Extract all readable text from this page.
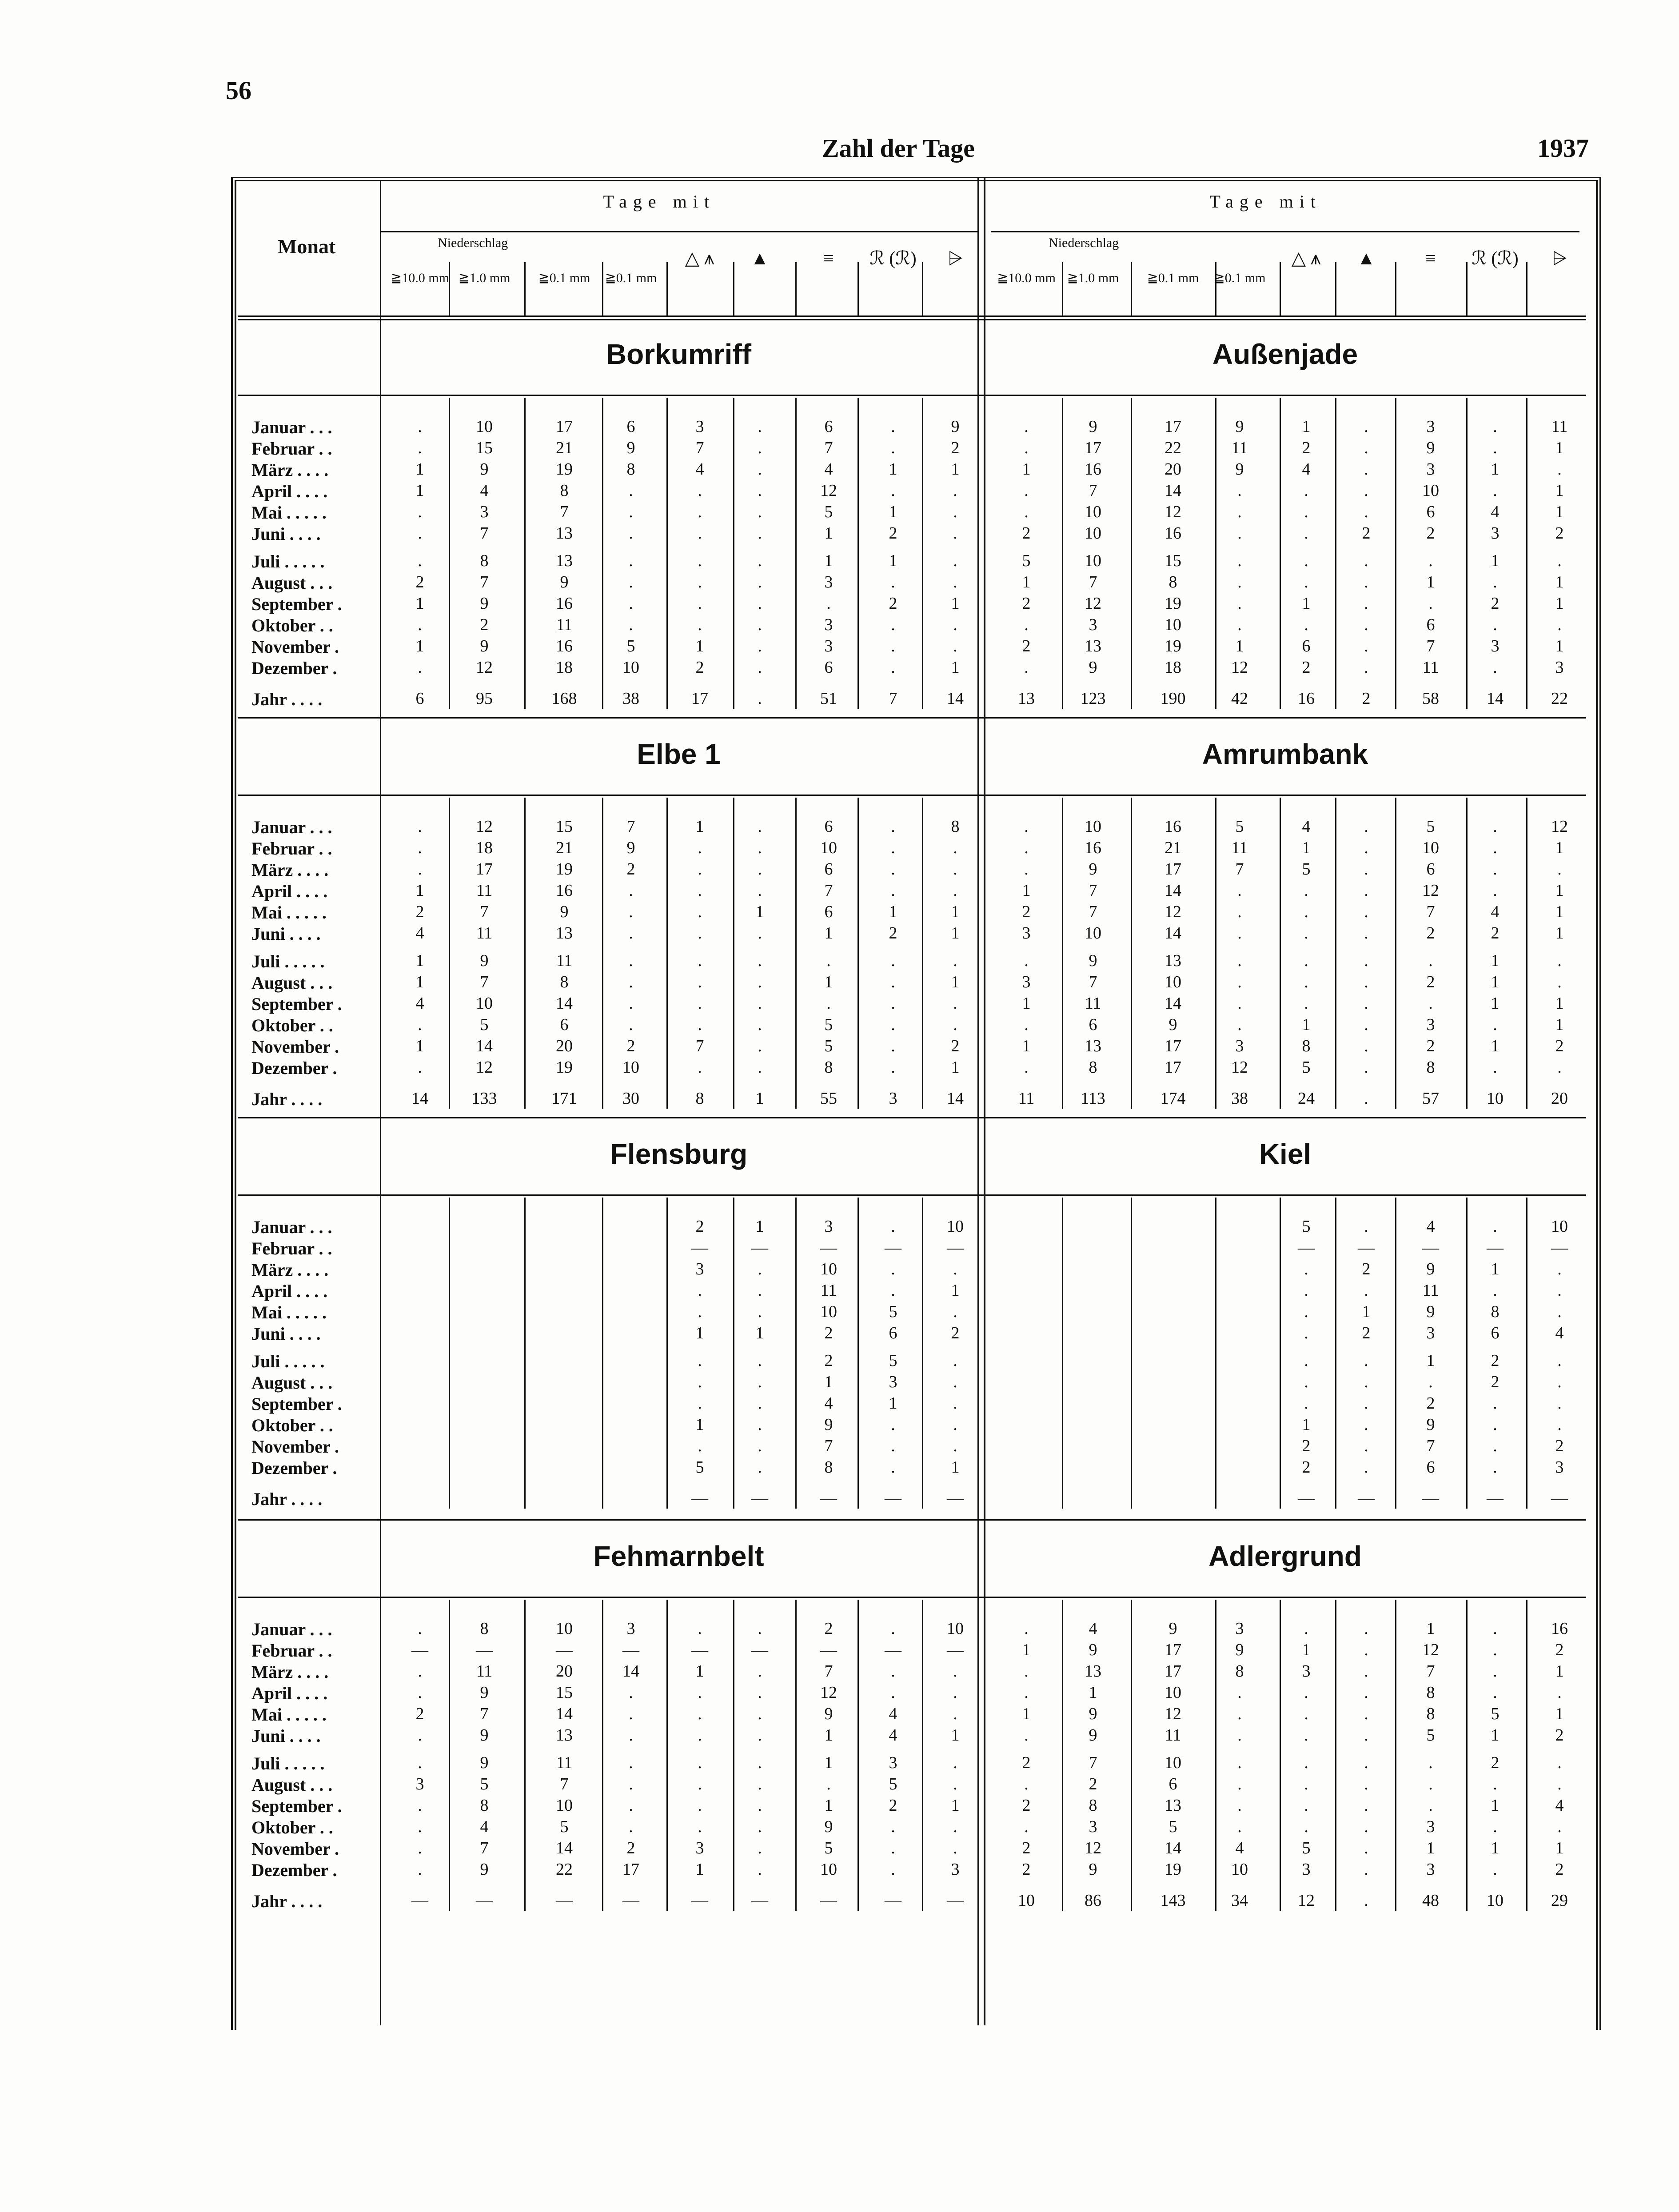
56
Zahl der Tage	1937
Tage mit
Niederschlag
≧10.0 mm ≧1.0 mm	≧0.1 mm	≧0.1 mm
△ ⩚	▲	≡	ℛ (ℛ)	⩥
Tage mit
Niederschlag
≧10.0 mm ≧1.0 mm	≧0.1 mm	≧0.1 mm
△ ⩚	▲	≡	ℛ (ℛ)	⩥
Monat
Borkumriff
Januar . . .	.	10	17	6	3	.	6	.	9
Februar . .	.	15	21	9	7	.	7	.	2
März . . . .	1	9	19	8	4	.	4	1	1
April . . . .	1	4	8	.	.	.	12	.	.
Mai . . . . .	.	3	7	.	.	.	5	1	.
Juni . . . .	.	7	13	.	.	.	1	2	.
Juli . . . . .	.	8	13	.	.	.	1	1	.
August . . .	2	7	9	.	.	.	3	.	.
September .	1	9	16	.	.	.	.	2	1
Oktober . .	.	2	11	.	.	.	3	.	.
November .	1	9	16	5	1	.	3	.	.
Dezember .	.	12	18	10	2	.	6	.	1
Jahr . . . .	6	95	168	38	17	.	51	7	14
Außenjade
.	9	17	9	1	.	3	.	11
.	17	22	11	2	.	9	.	1
1	16	20	9	4	.	3	1	.
.	7	14	.	.	.	10	.	1
.	10	12	.	.	.	6	4	1
2	10	16	.	.	2	2	3	2
5	10	15	.	.	.	.	1	.
1	7	8	.	.	.	1	.	1
2	12	19	.	1	.	.	2	1
.	3	10	.	.	.	6	.	.
2	13	19	1	6	.	7	3	1
.	9	18	12	2	.	11	.	3
13	123	190	42	16	2	58	14	22
Elbe 1
Januar . . .	.	12	15	7	1	.	6	.	8
Februar . .	.	18	21	9	.	.	10	.	.
März . . . .	.	17	19	2	.	.	6	.	.
April . . . .	1	11	16	.	.	.	7	.	.
Mai . . . . .	2	7	9	.	.	1	6	1	1
Juni . . . .	4	11	13	.	.	.	1	2	1
Juli . . . . .	1	9	11	.	.	.	.	.	.
August . . .	1	7	8	.	.	.	1	.	1
September .	4	10	14	.	.	.	.	.	.
Oktober . .	.	5	6	.	.	.	5	.	.
November .	1	14	20	2	7	.	5	.	2
Dezember .	.	12	19	10	.	.	8	.	1
Jahr . . . .	14	133	171	30	8	1	55	3	14
Amrumbank
.	10	16	5	4	.	5	.	12
.	16	21	11	1	.	10	.	1
.	9	17	7	5	.	6	.	.
1	7	14	.	.	.	12	.	1
2	7	12	.	.	.	7	4	1
3	10	14	.	.	.	2	2	1
.	9	13	.	.	.	.	1	.
3	7	10	.	.	.	2	1	.
1	11	14	.	.	.	.	1	1
.	6	9	.	1	.	3	.	1
1	13	17	3	8	.	2	1	2
.	8	17	12	5	.	8	.	.
11	113	174	38	24	.	57	10	20
Flensburg
Januar . . .	2	1	3	.	10
Februar . .	—	—	—	—	—
März . . . .	3	.	10	.	.
April . . . .	.	.	11	.	1
Mai . . . . .	.	.	10	5	.
Juni . . . .	1	1	2	6	2
Juli . . . . .	.	.	2	5	.
August . . .	.	.	1	3	.
September .	.	.	4	1	.
Oktober . .	1	.	9	.	.
November .	.	.	7	.	.
Dezember .	5	.	8	.	1
Jahr . . . .	—	—	—	—	—
Kiel
5	.	4	.	10
—	—	—	—	—
.	2	9	1	.
.	.	11	.	.
.	1	9	8	.
.	2	3	6	4
.	.	1	2	.
.	.	.	2	.
.	.	2	.	.
1	.	9	.	.
2	.	7	.	2
2	.	6	.	3
—	—	—	—	—
Fehmarnbelt
Januar . . .	.	8	10	3	.	.	2	.	10
Februar . .	—	—	—	—	—	—	—	—	—
März . . . .	.	11	20	14	1	.	7	.	.
April . . . .	.	9	15	.	.	.	12	.	.
Mai . . . . .	2	7	14	.	.	.	9	4	.
Juni . . . .	.	9	13	.	.	.	1	4	1
Juli . . . . .	.	9	11	.	.	.	1	3	.
August . . .	3	5	7	.	.	.	.	5	.
September .	.	8	10	.	.	.	1	2	1
Oktober . .	.	4	5	.	.	.	9	.	.
November .	.	7	14	2	3	.	5	.	.
Dezember .	.	9	22	17	1	.	10	.	3
Jahr . . . .	—	—	—	—	—	—	—	—	—
Adlergrund
.	4	9	3	.	.	1	.	16
1	9	17	9	1	.	12	.	2
.	13	17	8	3	.	7	.	1
.	1	10	.	.	.	8	.	.
1	9	12	.	.	.	8	5	1
.	9	11	.	.	.	5	1	2
2	7	10	.	.	.	.	2	.
.	2	6	.	.	.	.	.	.
2	8	13	.	.	.	.	1	4
.	3	5	.	.	.	3	.	.
2	12	14	4	5	.	1	1	1
2	9	19	10	3	.	3	.	2
10	86	143	34	12	.	48	10	29
